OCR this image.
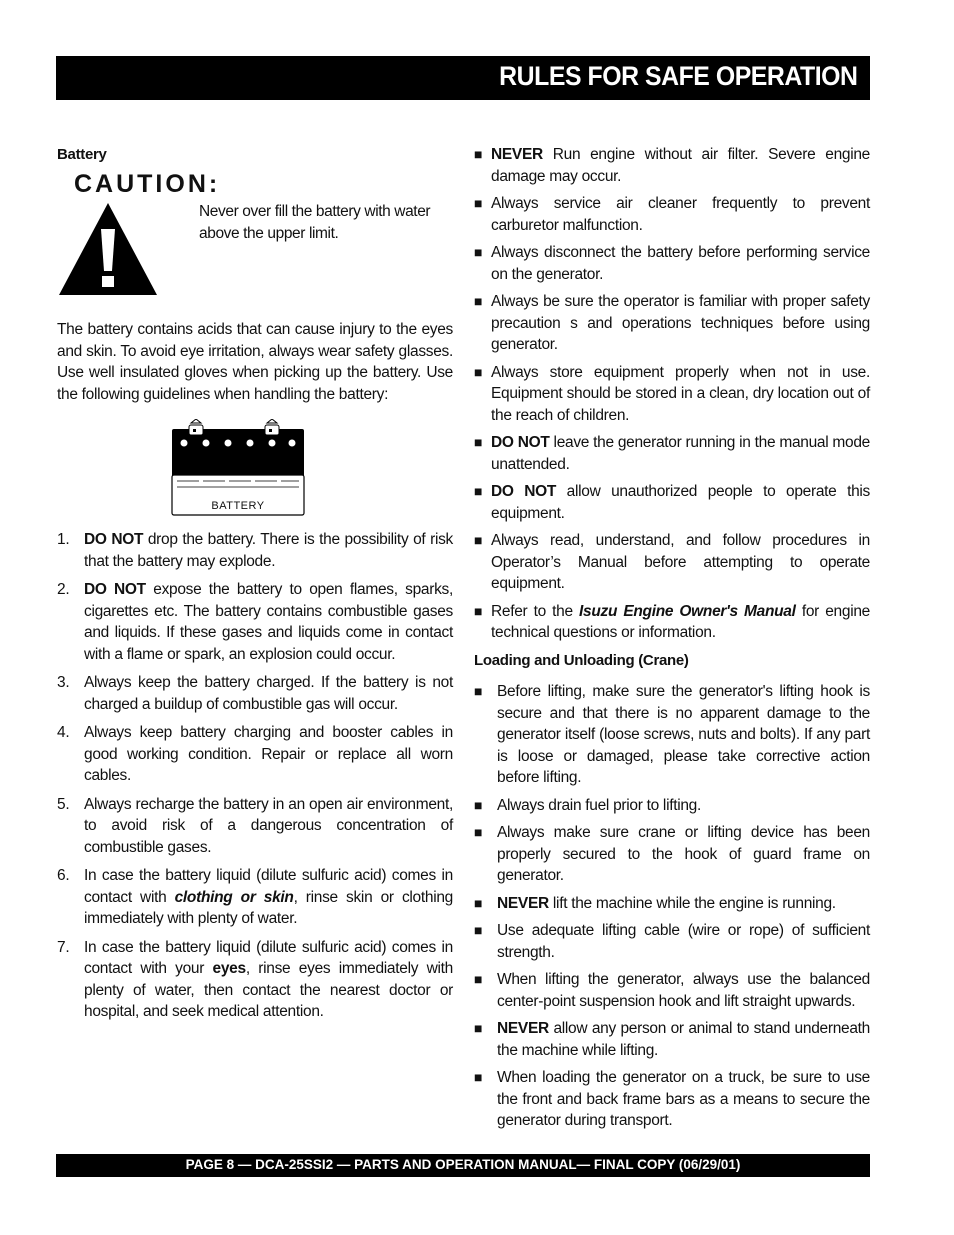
RULES FOR SAFE OPERATION
Battery
CAUTION:
Never over fill the battery with water above the upper limit.

The battery contains acids that can cause injury to the eyes and skin. To avoid eye irritation, always wear safety glasses. Use well insulated gloves when picking up the battery. Use the following guidelines when handling the battery:

BATTERY
1. DO NOT drop the battery. There is the possibility of risk that the battery may explode.
2. DO NOT expose the battery to open flames, sparks, cigarettes etc. The battery contains combustible gases and liquids. If these gases and liquids come in contact with a flame or spark, an explosion could occur.
3. Always keep the battery charged. If the battery is not charged a buildup of combustible gas will occur.
4. Always keep battery charging and booster cables in good working condition. Repair or replace all worn cables.
5. Always recharge the battery in an open air environment, to avoid risk of a dangerous concentration of combustible gases.
6. In case the battery liquid (dilute sulfuric acid) comes in contact with clothing or skin, rinse skin or clothing immediately with plenty of water.
7. In case the battery liquid (dilute sulfuric acid) comes in contact with your eyes, rinse eyes immediately with plenty of water, then contact the nearest doctor or hospital, and seek medical attention.
■ NEVER Run engine without air filter. Severe engine damage may occur.
■ Always service air cleaner frequently to prevent carburetor malfunction.
■ Always disconnect the battery before performing service on the generator.
■ Always be sure the operator is familiar with proper safety precaution s and operations techniques before using generator.
■ Always store equipment properly when not in use. Equipment should be stored in a clean, dry location out of the reach of children.
■ DO NOT leave the generator running in the manual mode unattended.
■ DO NOT allow unauthorized people to operate this equipment.
■ Always read, understand, and follow procedures in Operator’s Manual before attempting to operate equipment.
■ Refer to the Isuzu Engine Owner's Manual for engine technical questions or information.
Loading and Unloading (Crane)
■ Before lifting, make sure the generator's lifting hook is secure and that there is no apparent damage to the generator itself (loose screws, nuts and bolts). If any part is loose or damaged, please take corrective action before lifting.
■ Always drain fuel prior to lifting.
■ Always make sure crane or lifting device has been properly secured to the hook of guard frame on generator.
■ NEVER lift the machine while the engine is running.
■ Use adequate lifting cable (wire or rope) of sufficient strength.
■ When lifting the generator, always use the balanced center-point suspension hook and lift straight upwards.
■ NEVER allow any person or animal to stand underneath the machine while lifting.
■ When loading the generator on a truck, be sure to use the front and back frame bars as a means to secure the generator during transport.
PAGE 8 — DCA-25SSI2 — PARTS AND OPERATION MANUAL— FINAL COPY (06/29/01)
